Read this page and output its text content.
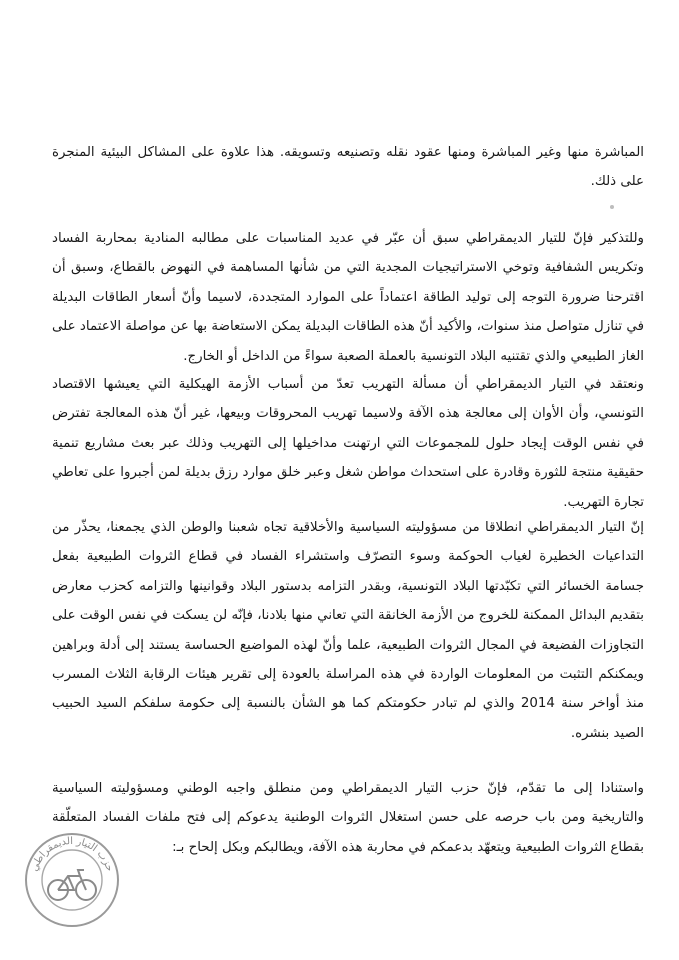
المباشرة منها وغير المباشرة ومنها عقود نقله وتصنيعه وتسويقه. هذا علاوة على المشاكل البيئية المنجرة على ذلك.

وللتذكير فإنّ للتيار الديمقراطي سبق أن عبّر في عديد المناسبات على مطالبه المنادية بمحاربة الفساد وتكريس الشفافية وتوخي الاستراتيجيات المجدية التي من شأنها المساهمة في النهوض بالقطاع، وسبق أن اقترحنا ضرورة التوجه إلى توليد الطاقة اعتماداً على الموارد المتجددة، لاسيما وأنّ أسعار الطاقات البديلة في تنازل متواصل منذ سنوات، والأكيد أنّ هذه الطاقات البديلة يمكن الاستعاضة بها عن مواصلة الاعتماد على الغاز الطبيعي والذي تقتنيه البلاد التونسية بالعملة الصعبة سواءً من الداخل أو الخارج.

ونعتقد في التيار الديمقراطي أن مسألة التهريب تعدّ من أسباب الأزمة الهيكلية التي يعيشها الاقتصاد التونسي، وأن الأوان إلى معالجة هذه الآفة ولاسيما تهريب المحروقات وبيعها، غير أنّ هذه المعالجة تفترض في نفس الوقت إيجاد حلول للمجموعات التي ارتهنت مداخيلها إلى التهريب وذلك عبر بعث مشاريع تنمية حقيقية منتجة للثورة وقادرة على استحداث مواطن شغل وعبر خلق موارد رزق بديلة لمن أجبروا على تعاطي تجارة التهريب.

إنّ التيار الديمقراطي انطلاقا من مسؤوليته السياسية والأخلاقية تجاه شعبنا والوطن الذي يجمعنا، يحذّر من التداعيات الخطيرة لغياب الحوكمة وسوء التصرّف واستشراء الفساد في قطاع الثروات الطبيعية بفعل جسامة الخسائر التي تكبّدتها البلاد التونسية، وبقدر التزامه بدستور البلاد وقوانينها والتزامه كحزب معارض بتقديم البدائل الممكنة للخروج من الأزمة الخانقة التي تعاني منها بلادنا، فإنّه لن يسكت في نفس الوقت على التجاوزات الفضيعة في المجال الثروات الطبيعية، علما وأنّ لهذه المواضيع الحساسة يستند إلى أدلة وبراهين ويمكنكم التثبت من المعلومات الواردة في هذه المراسلة بالعودة إلى تقرير هيئات الرقابة الثلاث المسرب منذ أواخر سنة 2014 والذي لم تبادر حكومتكم كما هو الشأن بالنسبة إلى حكومة سلفكم السيد الحبيب الصيد بنشره.

واستنادا إلى ما تقدّم، فإنّ حزب التيار الديمقراطي ومن منطلق واجبه الوطني ومسؤوليته السياسية والتاريخية ومن باب حرصه على حسن استغلال الثروات الوطنية يدعوكم إلى فتح ملفات الفساد المتعلّقة بقطاع الثروات الطبيعية ويتعهّد بدعمكم في محاربة هذه الآفة، ويطالبكم وبكل إلحاح بـ:

حزب التيار الديمقراطي
